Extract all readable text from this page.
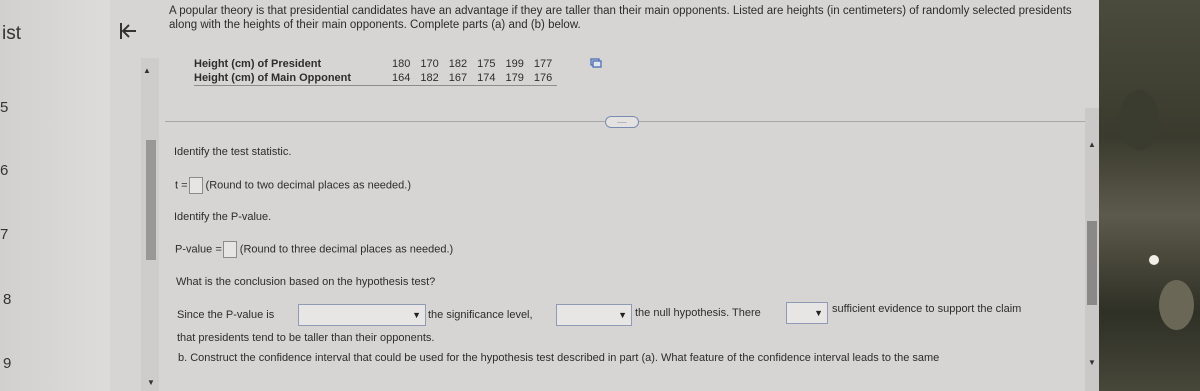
ist
5
6
7
8
9
▲
▼
A popular theory is that presidential candidates have an advantage if they are taller than their main opponents. Listed are heights (in centimeters) of randomly selected presidents along with the heights of their main opponents. Complete parts (a) and (b) below.
Height (cm) of President		180	170	182	175	199	177
Height (cm) of Main Opponent		164	182	167	174	179	176
.....
Identify the test statistic.
t = (Round to two decimal places as needed.)
Identify the P-value.
P-value = (Round to three decimal places as needed.)
What is the conclusion based on the hypothesis test?
Since the P-value is	▼ the significance level,	▼ the null hypothesis. There	▼ sufficient evidence to support the claim
that presidents tend to be taller than their opponents.
b. Construct the confidence interval that could be used for the hypothesis test described in part (a). What feature of the confidence interval leads to the same
▲
▼
